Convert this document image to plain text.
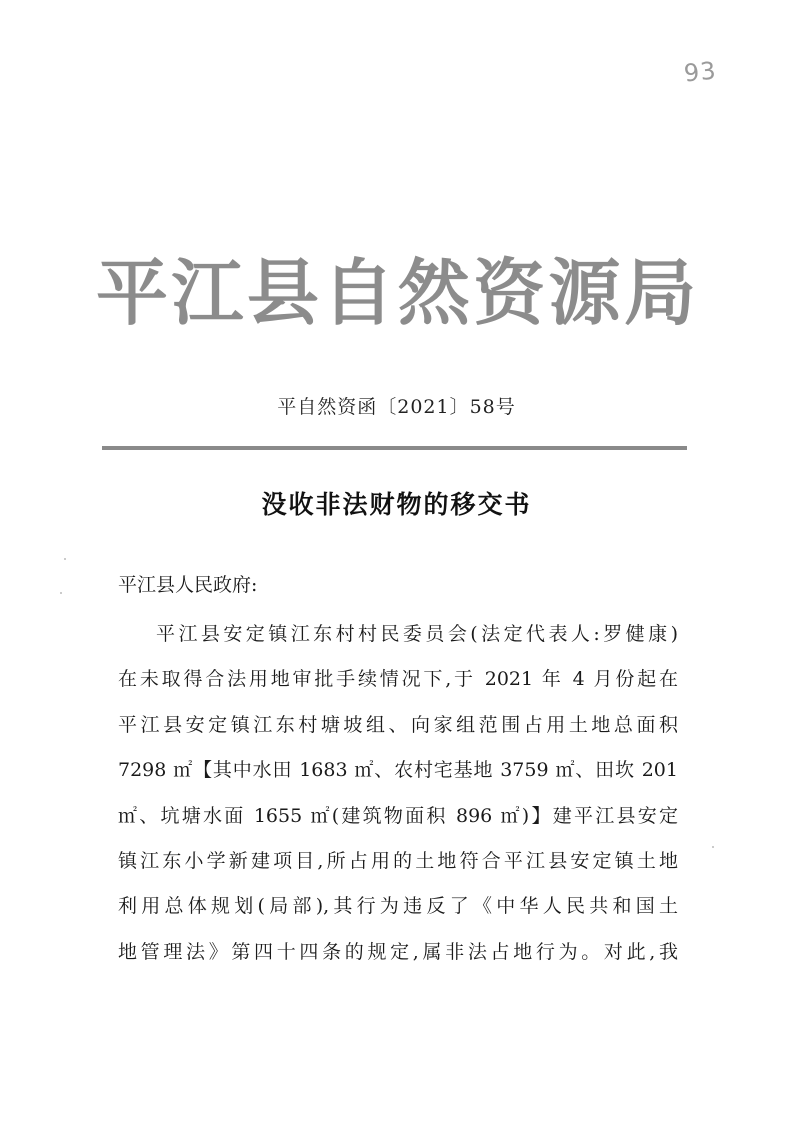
93
平 江 县 自 然 资 源 局
平自然资函〔2021〕58号
没收非法财物的移交书
平江县人民政府:
平江县安定镇江东村村民委员会(法定代表人:罗健康)
在未取得合法用地审批手续情况下,于 2021 年 4 月份起在
平江县安定镇江东村塘坡组、向家组范围占用土地总面积
7298 ㎡【其中水田 1683 ㎡、农村宅基地 3759 ㎡、田坎 201
㎡、坑塘水面 1655 ㎡(建筑物面积 896 ㎡)】建平江县安定
镇江东小学新建项目,所占用的土地符合平江县安定镇土地
利用总体规划(局部),其行为违反了《中华人民共和国土
地管理法》第四十四条的规定,属非法占地行为。对此,我
